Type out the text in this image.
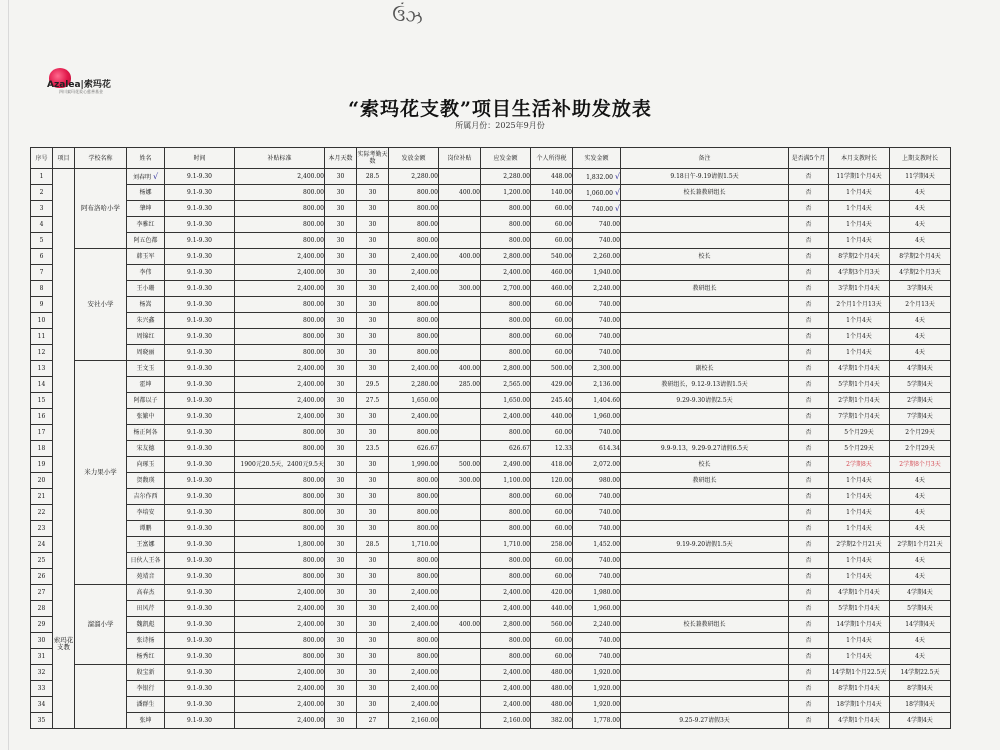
ઉંઝ
Azalea|索玛花
四川索玛花爱心慈善基金
“索玛花支教”项目生活补助发放表
所属月份：2025年9月份
序号	项目	学校名称	姓名	时间	补贴标准	本月天数	实际考勤天数	发放金额	岗位补贴	应发金额	个人所得税	实发金额	备注	是否满5个月	本月支教时长	上期支教时长
1	索玛花支教	阿布洛哈小学	刘春明 √	9.1-9.30	2,400.00	30	28.5	2,280.00		2,280.00	448.00	1,832.00 √	9.18日午-9.19请假1.5天	否	11学期1个月4天	11学期4天
2			杨娜	9.1-9.30	800.00	30	30	800.00	400.00	1,200.00	140.00	1,060.00 √	校长兼教研组长	否	1个月4天	4天
3			肇坤	9.1-9.30	800.00	30	30	800.00		800.00	60.00	740.00 √		否	1个月4天	4天
4			李雅红	9.1-9.30	800.00	30	30	800.00		800.00	60.00	740.00		否	1个月4天	4天
5			阿五色都	9.1-9.30	800.00	30	30	800.00		800.00	60.00	740.00		否	1个月4天	4天
6		安社小学	韩玉军	9.1-9.30	2,400.00	30	30	2,400.00	400.00	2,800.00	540.00	2,260.00	校长	否	8学期2个月4天	8学期2个月4天
7			李伟	9.1-9.30	2,400.00	30	30	2,400.00		2,400.00	460.00	1,940.00		否	4学期3个月3天	4学期2个月3天
8			王小珊	9.1-9.30	2,400.00	30	30	2,400.00	300.00	2,700.00	460.00	2,240.00	教研组长	否	3学期1个月4天	3学期4天
9			杨嵩	9.1-9.30	800.00	30	30	800.00		800.00	60.00	740.00		否	2个月1个月13天	2个月13天
10			朱兴鑫	9.1-9.30	800.00	30	30	800.00		800.00	60.00	740.00		否	1个月4天	4天
11			周锦红	9.1-9.30	800.00	30	30	800.00		800.00	60.00	740.00		否	1个月4天	4天
12			周晓丽	9.1-9.30	800.00	30	30	800.00		800.00	60.00	740.00		否	1个月4天	4天
13		米力果小学	王文玉	9.1-9.30	2,400.00	30	30	2,400.00	400.00	2,800.00	500.00	2,300.00	副校长	否	4学期1个月4天	4学期4天
14			霍坤	9.1-9.30	2,400.00	30	29.5	2,280.00	285.00	2,565.00	429.00	2,136.00	教研组长，9.12-9.13请假1.5天	否	5学期1个月4天	5学期4天
15			阿都以子	9.1-9.30	2,400.00	30	27.5	1,650.00		1,650.00	245.40	1,404.60	9.29-9.30请假2.5天	否	2学期1个月4天	2学期4天
16			张繁中	9.1-9.30	2,400.00	30	30	2,400.00		2,400.00	440.00	1,960.00		否	7学期1个月4天	7学期4天
17			杨正阿各	9.1-9.30	800.00	30	30	800.00		800.00	60.00	740.00		否	5个月29天	2个月29天
18			宋友德	9.1-9.30	800.00	30	23.5	626.67		626.67	12.33	614.34	9.9-9.13，9.29-9.27请假6.5天	否	5个月29天	2个月29天
19			向琢玉	9.1-9.30	1900元20.5天，2400元9.5天	30	30	1,990.00	500.00	2,490.00	418.00	2,072.00	校长	否	2学期8天	2学期8个月3天
20			贺馥瑛	9.1-9.30	800.00	30	30	800.00	300.00	1,100.00	120.00	980.00	教研组长	否	1个月4天	4天
21			吉尔作西	9.1-9.30	800.00	30	30	800.00		800.00	60.00	740.00		否	1个月4天	4天
22			李培安	9.1-9.30	800.00	30	30	800.00		800.00	60.00	740.00		否	1个月4天	4天
23			谭鹏	9.1-9.30	800.00	30	30	800.00		800.00	60.00	740.00		否	1个月4天	4天
24			王富娜	9.1-9.30	1,800.00	30	28.5	1,710.00		1,710.00	258.00	1,452.00	9.19-9.20请假1.5天	否	2学期2个月21天	2学期1个月21天
25			日伙人王各	9.1-9.30	800.00	30	30	800.00		800.00	60.00	740.00		否	1个月4天	4天
26			苑靖音	9.1-9.30	800.00	30	30	800.00		800.00	60.00	740.00		否	1个月4天	4天
27		溜溜小学	高春杰	9.1-9.30	2,400.00	30	30	2,400.00		2,400.00	420.00	1,980.00		否	4学期1个月4天	4学期4天
28			田风芹	9.1-9.30	2,400.00	30	30	2,400.00		2,400.00	440.00	1,960.00		否	5学期1个月4天	5学期4天
29			魏凯彪	9.1-9.30	2,400.00	30	30	2,400.00	400.00	2,800.00	560.00	2,240.00	校长兼教研组长	否	14学期1个月4天	14学期4天
30			张诗扬	9.1-9.30	800.00	30	30	800.00		800.00	60.00	740.00		否	1个月4天	4天
31			杨秀红	9.1-9.30	800.00	30	30	800.00		800.00	60.00	740.00		否	1个月4天	4天
32			殷宝新	9.1-9.30	2,400.00	30	30	2,400.00		2,400.00	480.00	1,920.00		否	14学期1个月22.5天	14学期22.5天
33			李银行	9.1-9.30	2,400.00	30	30	2,400.00		2,400.00	480.00	1,920.00		否	8学期1个月4天	8学期4天
34			潘群生	9.1-9.30	2,400.00	30	30	2,400.00		2,400.00	480.00	1,920.00		否	18学期1个月4天	18学期4天
35			张坤	9.1-9.30	2,400.00	30	27	2,160.00		2,160.00	382.00	1,778.00	9.25-9.27请假3天	否	4学期1个月4天	4学期4天
